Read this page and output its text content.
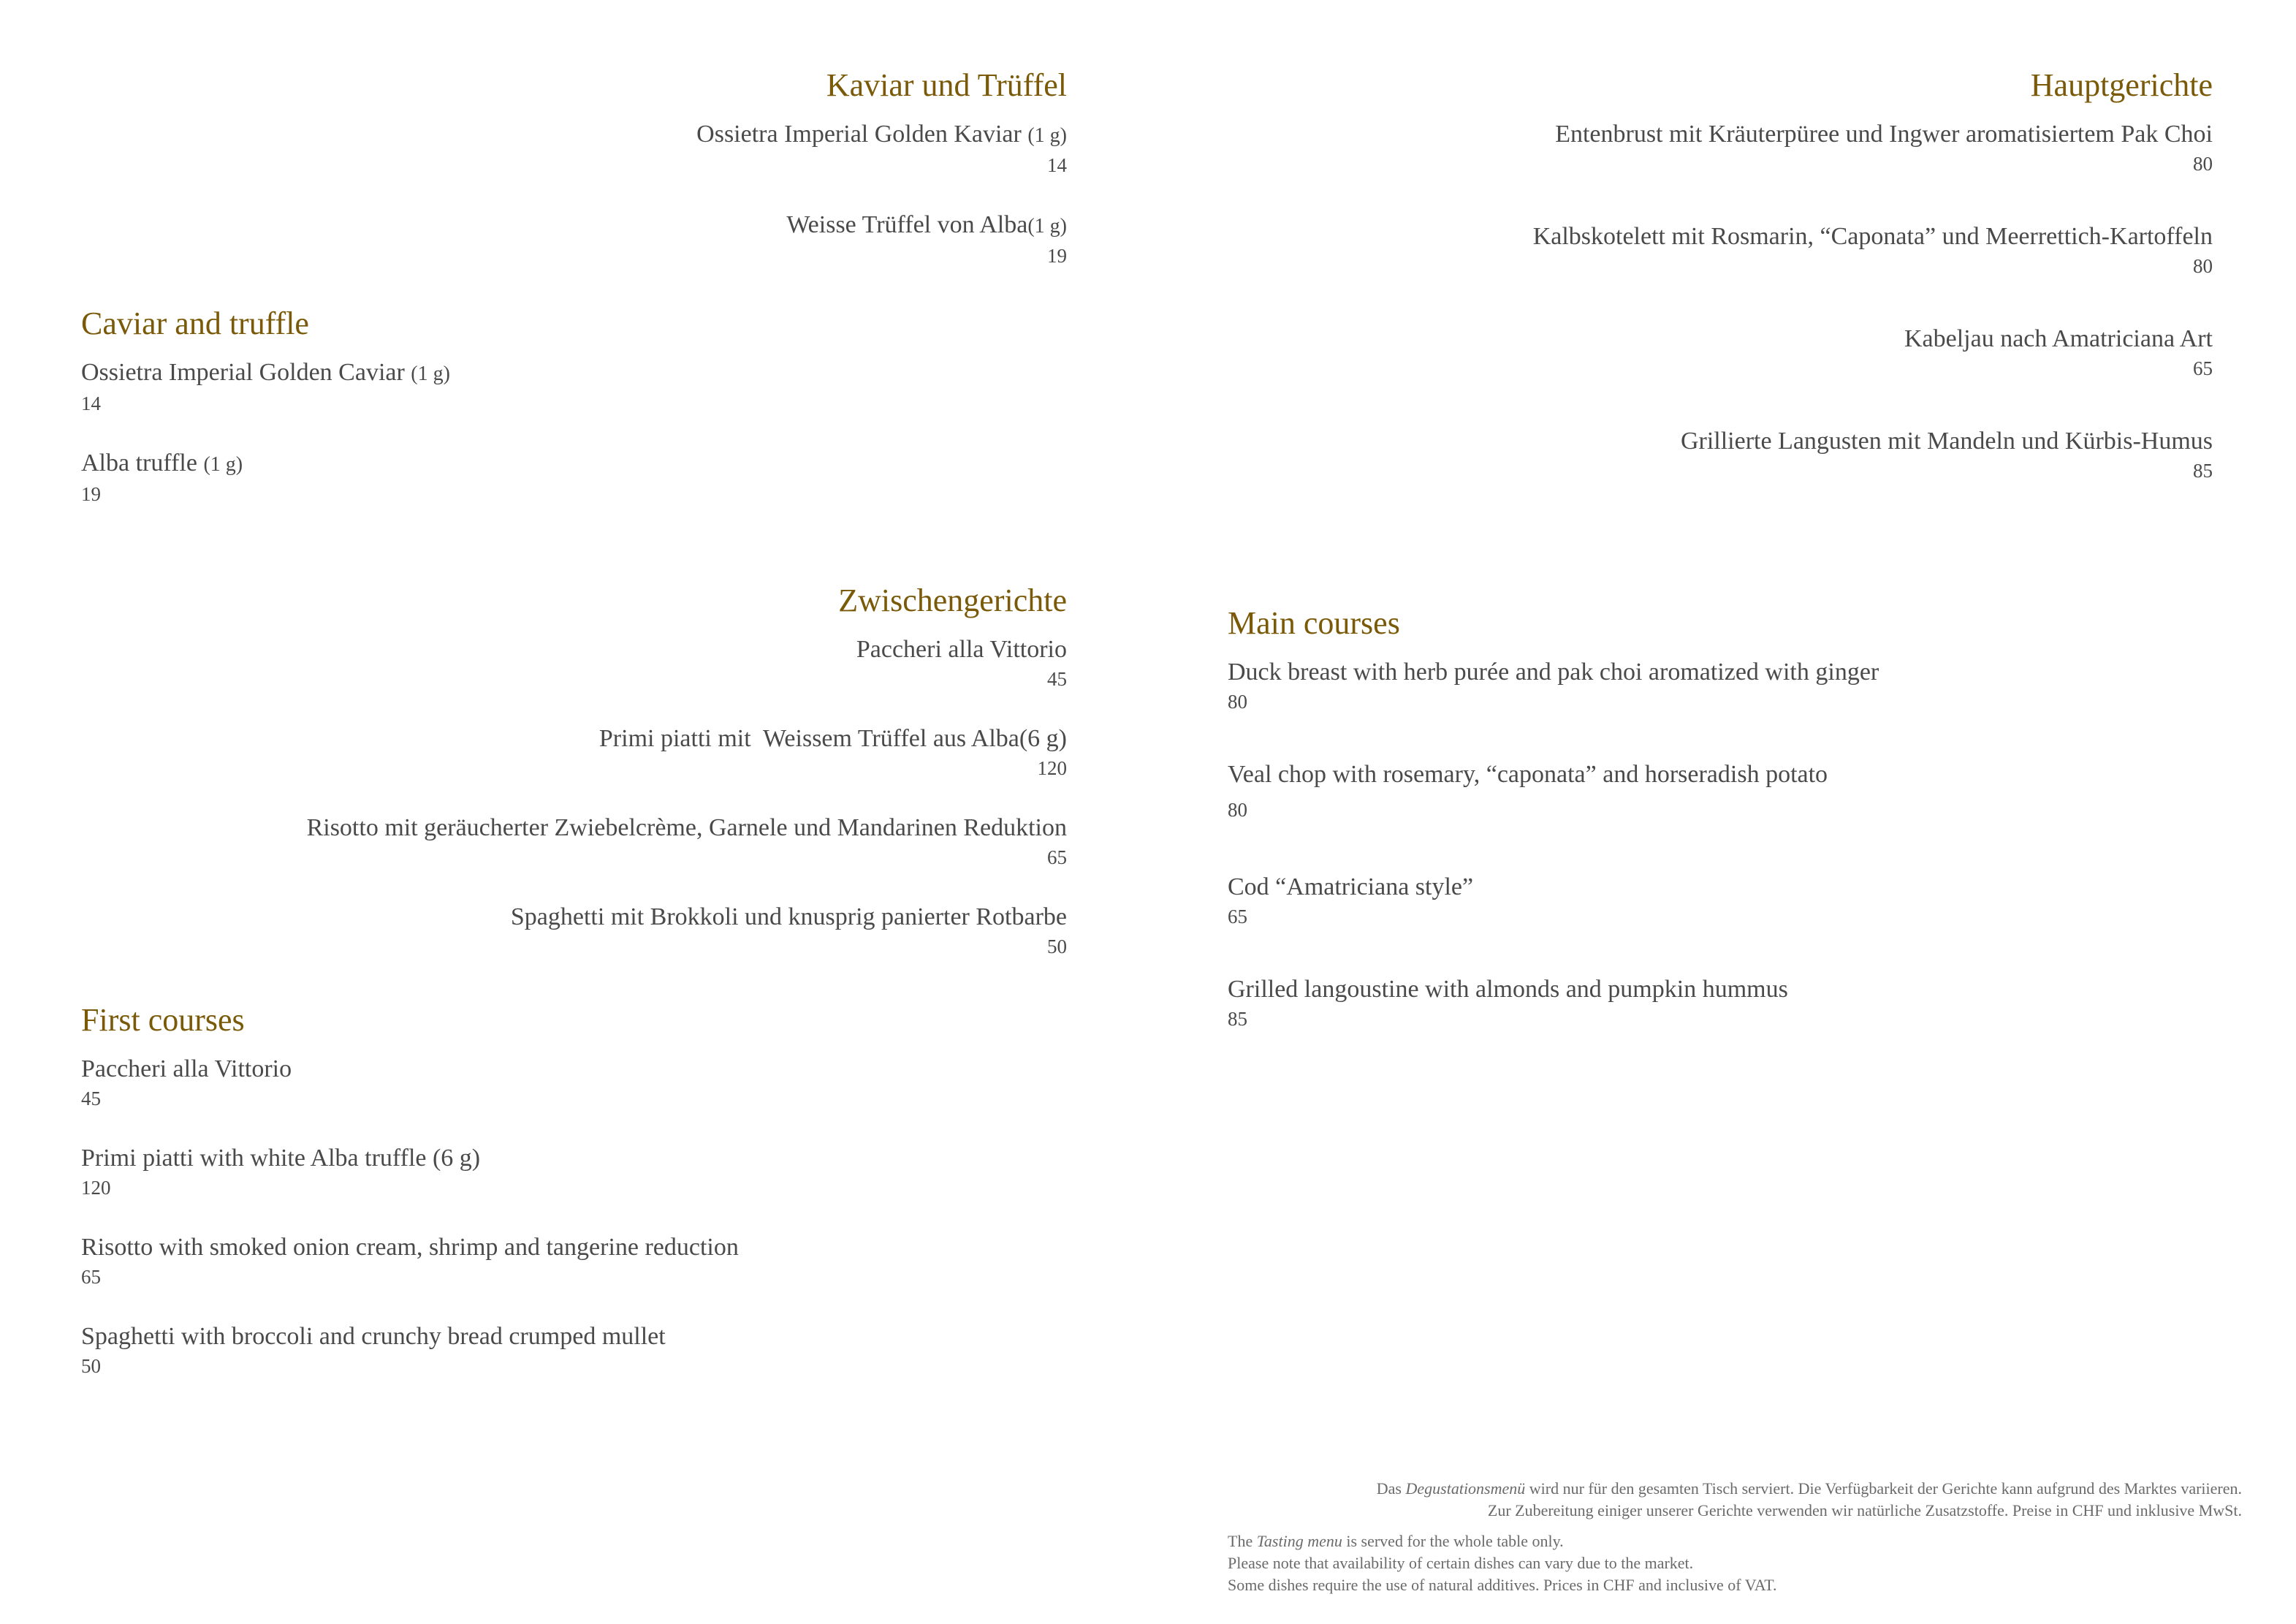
Kaviar und Trüffel
Ossietra Imperial Golden Kaviar (1 g)
14
Weisse Trüffel von Alba(1 g)
19
Caviar and truffle
Ossietra Imperial Golden Caviar (1 g)
14
Alba truffle (1 g)
19
Zwischengerichte
Paccheri alla Vittorio
45
Primi piatti mit  Weissem Trüffel aus Alba(6 g)
120
Risotto mit geräucherter Zwiebelcrème, Garnele und Mandarinen Reduktion
65
Spaghetti mit Brokkoli und knusprig panierter Rotbarbe
50
First courses
Paccheri alla Vittorio
45
Primi piatti with white Alba truffle (6 g)
120
Risotto with smoked onion cream, shrimp and tangerine reduction
65
Spaghetti with broccoli and crunchy bread crumped mullet
50
Hauptgerichte
Entenbrust mit Kräuterpüree und Ingwer aromatisiertem Pak Choi
80
Kalbskotelett mit Rosmarin, “Caponata” und Meerrettich-Kartoffeln
80
Kabeljau nach Amatriciana Art
65
Grillierte Langusten mit Mandeln und Kürbis-Humus
85
Main courses
Duck breast with herb purée and pak choi aromatized with ginger
80
Veal chop with rosemary, “caponata” and horseradish potato
80
Cod “Amatriciana style”
65
Grilled langoustine with almonds and pumpkin hummus
85
Das Degustationsmenü wird nur für den gesamten Tisch serviert. Die Verfügbarkeit der Gerichte kann aufgrund des Marktes variieren.
Zur Zubereitung einiger unserer Gerichte verwenden wir natürliche Zusatzstoffe. Preise in CHF und inklusive MwSt.
The Tasting menu is served for the whole table only.
Please note that availability of certain dishes can vary due to the market.
Some dishes require the use of natural additives. Prices in CHF and inclusive of VAT.
